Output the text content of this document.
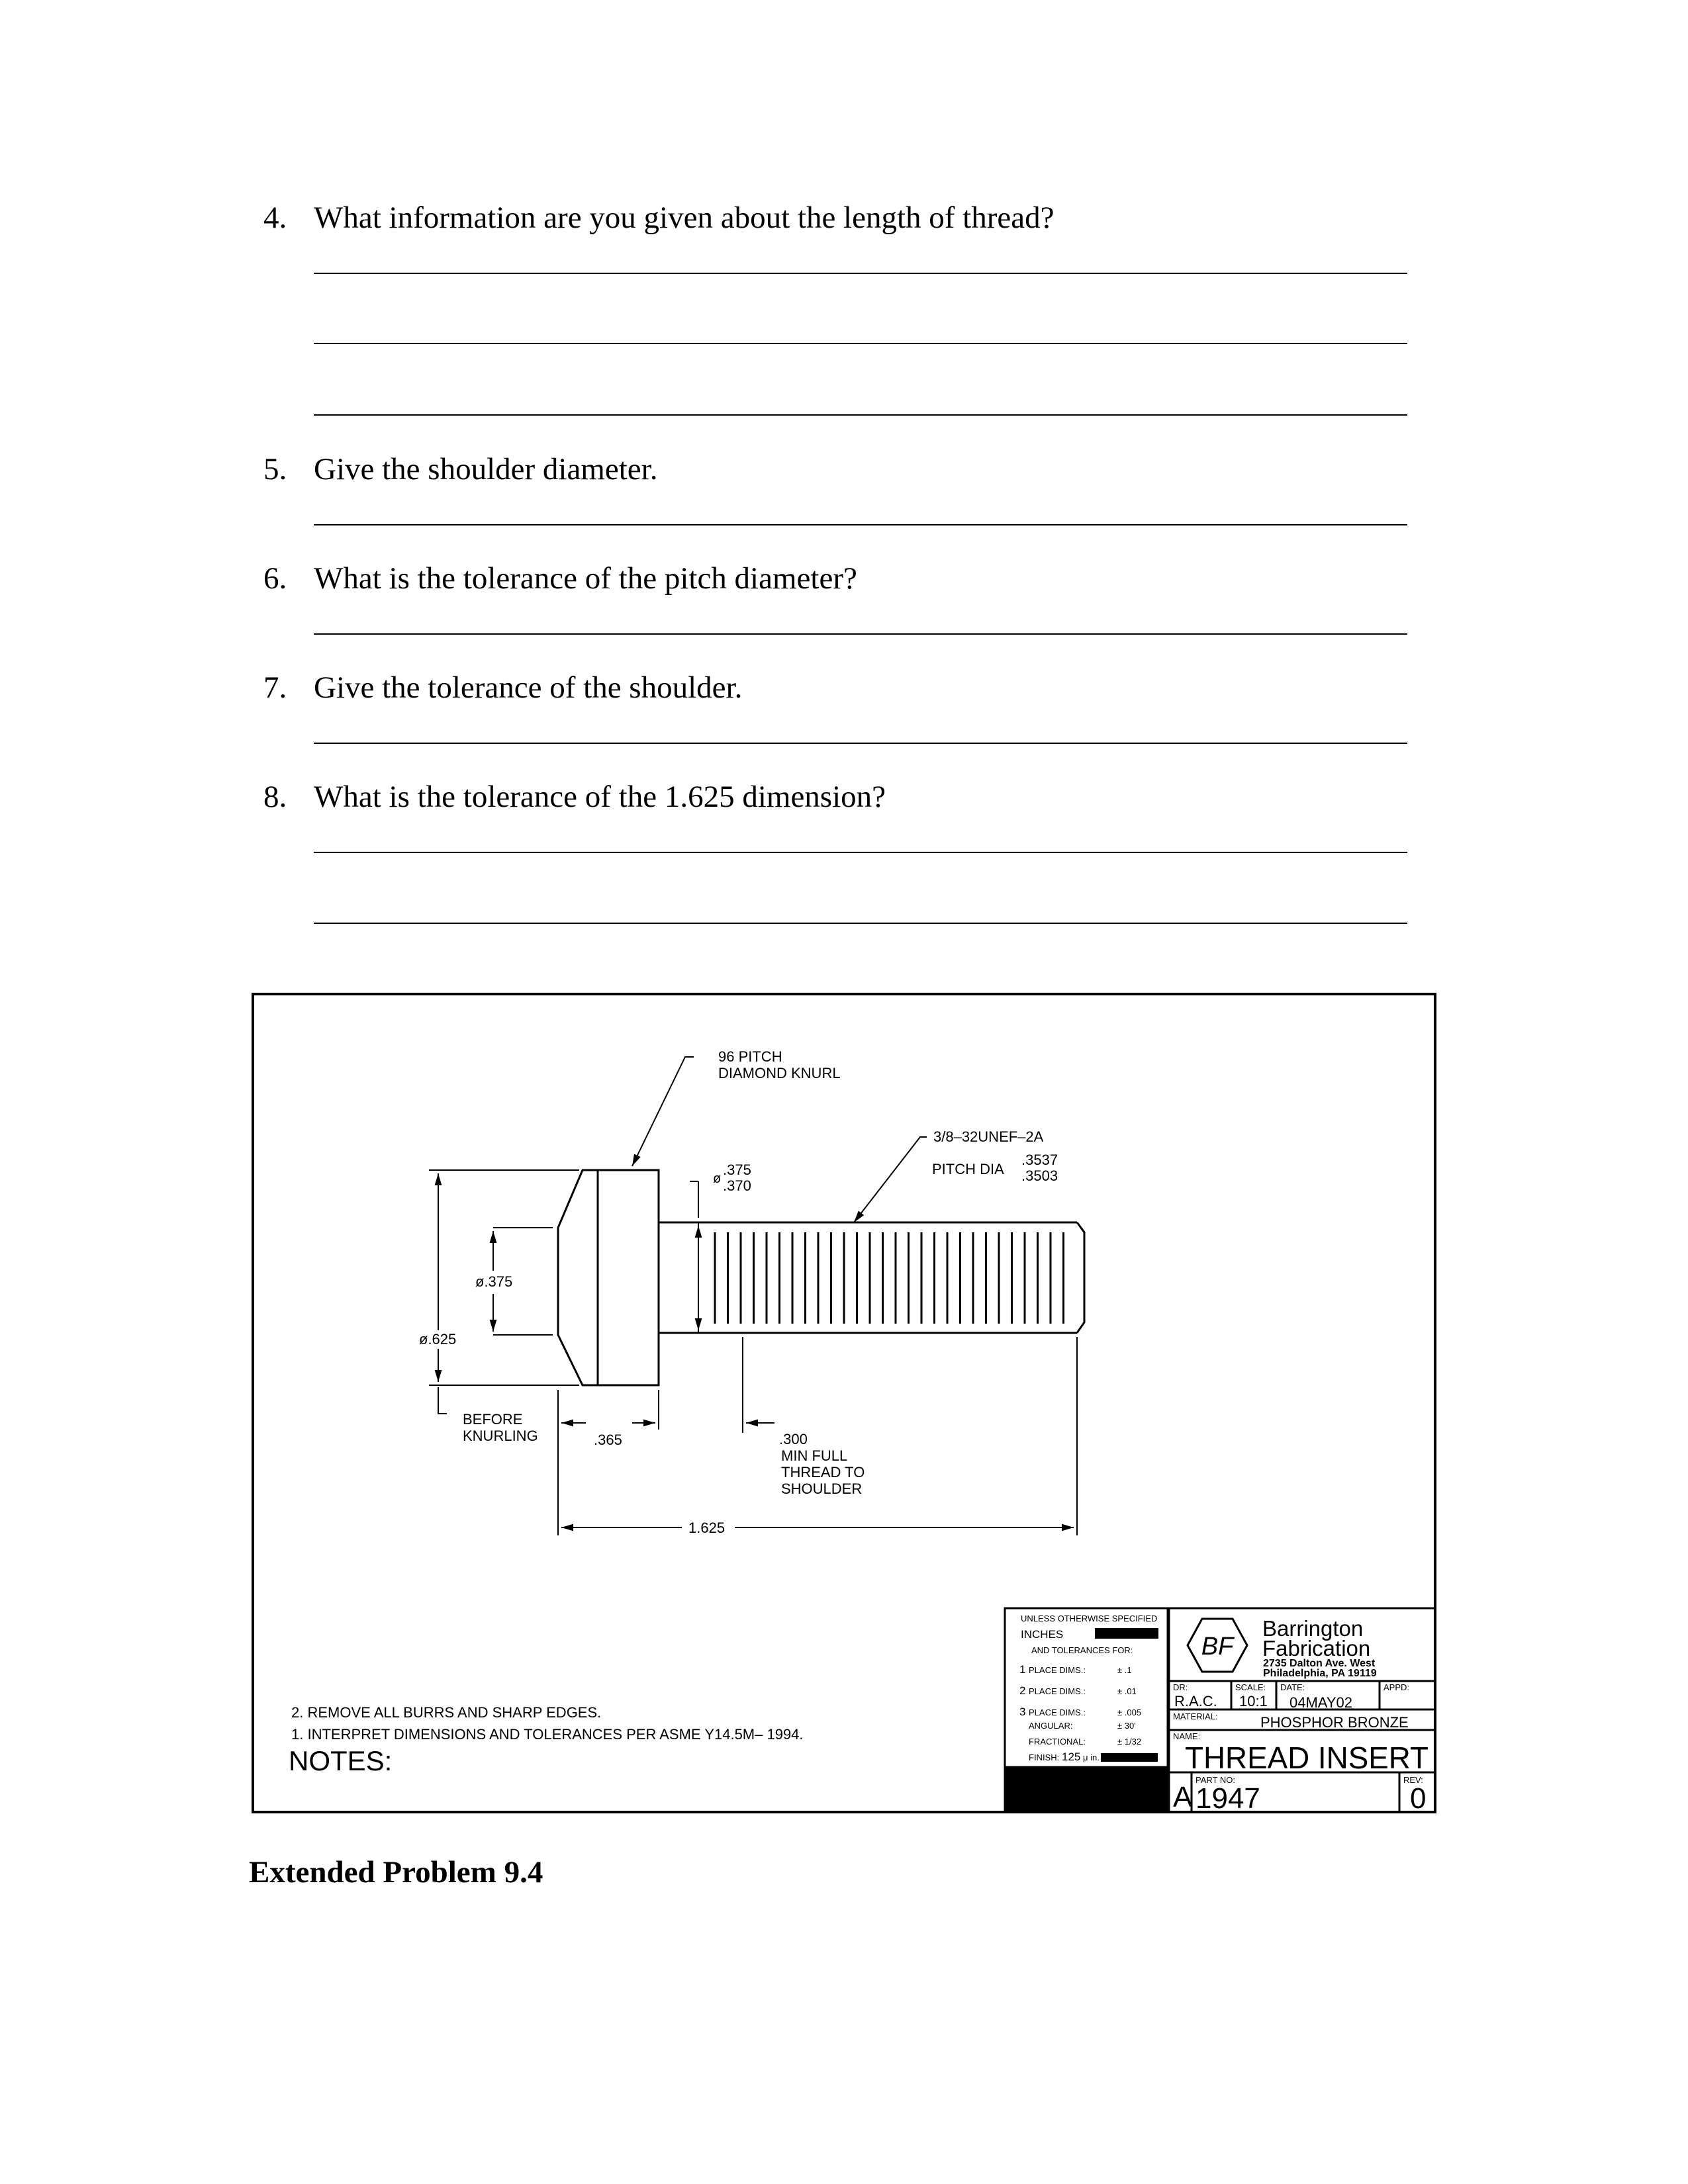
4. What information are you given about the length of thread?
5. Give the shoulder diameter.
6. What is the tolerance of the pitch diameter?
7. Give the tolerance of the shoulder.
8. What is the tolerance of the 1.625 dimension?
96 PITCH
DIAMOND KNURL
3/8–32UNEF–2A
PITCH DIA
.3537
.3503
ø
.375
.370
ø.375
ø.625
BEFORE
KNURLING	.365	.300
MIN FULL
THREAD TO
SHOULDER
1.625
2. REMOVE ALL BURRS AND SHARP EDGES.
1. INTERPRET DIMENSIONS AND TOLERANCES PER ASME Y14.5M– 1994.
NOTES:
UNLESS OTHERWISE SPECIFIED
INCHES
AND TOLERANCES FOR:
1 PLACE DIMS.:	± .1
2 PLACE DIMS.:	± .01
3 PLACE DIMS.:	± .005
ANGULAR:	± 30'
FRACTIONAL:	± 1/32
FINISH: 125 μ in.
BF
Barrington
Fabrication
2735 Dalton Ave. West
Philadelphia, PA 19119
DR:
R.A.C.
SCALE:
10:1
DATE:
04MAY02
APPD:
MATERIAL:	PHOSPHOR BRONZE
NAME:
THREAD INSERT
A
PART NO:
1947
REV:
0
Extended Problem 9.4
